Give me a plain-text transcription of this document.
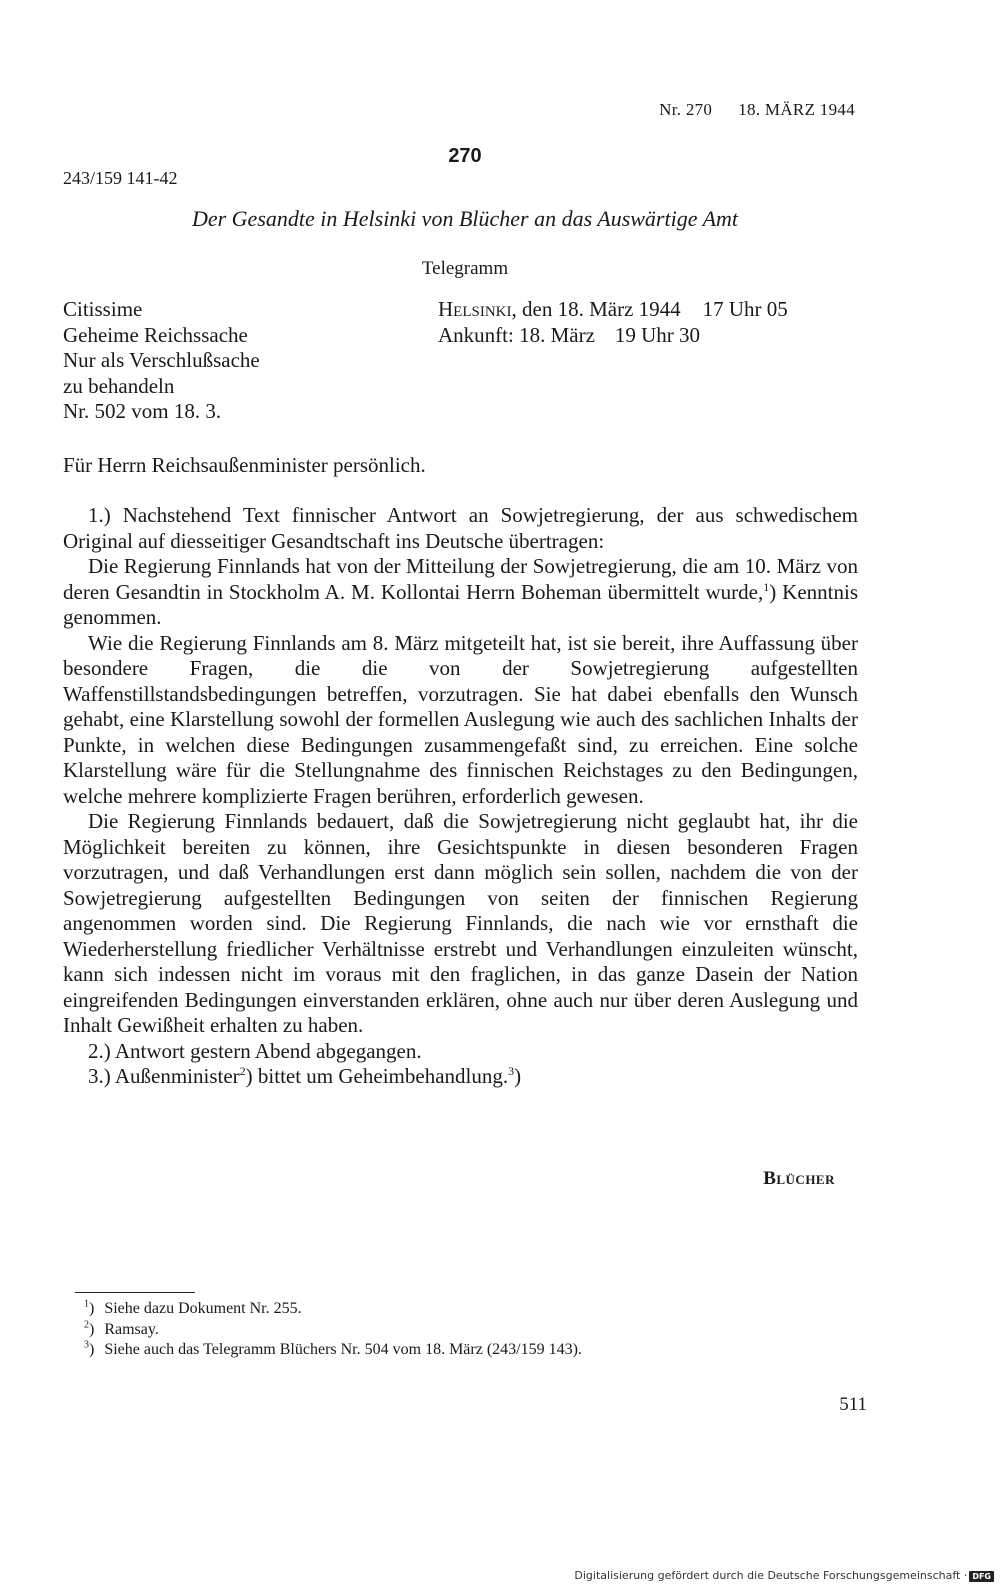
Nr. 270 18. MÄRZ 1944
270
243/159 141-42
Der Gesandte in Helsinki von Blücher an das Auswärtige Amt
Telegramm
Citissime
Geheime Reichssache
Nur als Verschlußsache
zu behandeln
Nr. 502 vom 18. 3.
Helsinki, den 18. März 1944 17 Uhr 05
Ankunft: 18. März 19 Uhr 30
Für Herrn Reichsaußenminister persönlich.

1.) Nachstehend Text finnischer Antwort an Sowjetregierung, der aus schwedischem Original auf diesseitiger Gesandtschaft ins Deutsche übertragen:

Die Regierung Finnlands hat von der Mitteilung der Sowjetregierung, die am 10. März von deren Gesandtin in Stockholm A. M. Kollontai Herrn Boheman übermittelt wurde,$^1$) Kenntnis genommen.

Wie die Regierung Finnlands am 8. März mitgeteilt hat, ist sie bereit, ihre Auffassung über besondere Fragen, die die von der Sowjetregierung aufgestellten Waffenstillstandsbedingungen betreffen, vorzutragen. Sie hat dabei ebenfalls den Wunsch gehabt, eine Klarstellung sowohl der formellen Auslegung wie auch des sachlichen Inhalts der Punkte, in welchen diese Bedingungen zusammengefaßt sind, zu erreichen. Eine solche Klarstellung wäre für die Stellungnahme des finnischen Reichstages zu den Bedingungen, welche mehrere komplizierte Fragen berühren, erforderlich gewesen.

Die Regierung Finnlands bedauert, daß die Sowjetregierung nicht geglaubt hat, ihr die Möglichkeit bereiten zu können, ihre Gesichtspunkte in diesen besonderen Fragen vorzutragen, und daß Verhandlungen erst dann möglich sein sollen, nachdem die von der Sowjetregierung aufgestellten Bedingungen von seiten der finnischen Regierung angenommen worden sind. Die Regierung Finnlands, die nach wie vor ernsthaft die Wiederherstellung friedlicher Verhältnisse erstrebt und Verhandlungen einzuleiten wünscht, kann sich indessen nicht im voraus mit den fraglichen, in das ganze Dasein der Nation eingreifenden Bedingungen einverstanden erklären, ohne auch nur über deren Auslegung und Inhalt Gewißheit erhalten zu haben.

2.) Antwort gestern Abend abgegangen.

3.) Außenminister$^2$) bittet um Geheimbehandlung.$^3$)

Blücher
$^1$) Siehe dazu Dokument Nr. 255.
$^2$) Ramsay.
$^3$) Siehe auch das Telegramm Blüchers Nr. 504 vom 18. März (243/159 143).
511
Digitalisierung gefördert durch die Deutsche Forschungsgemeinschaft · DFG
